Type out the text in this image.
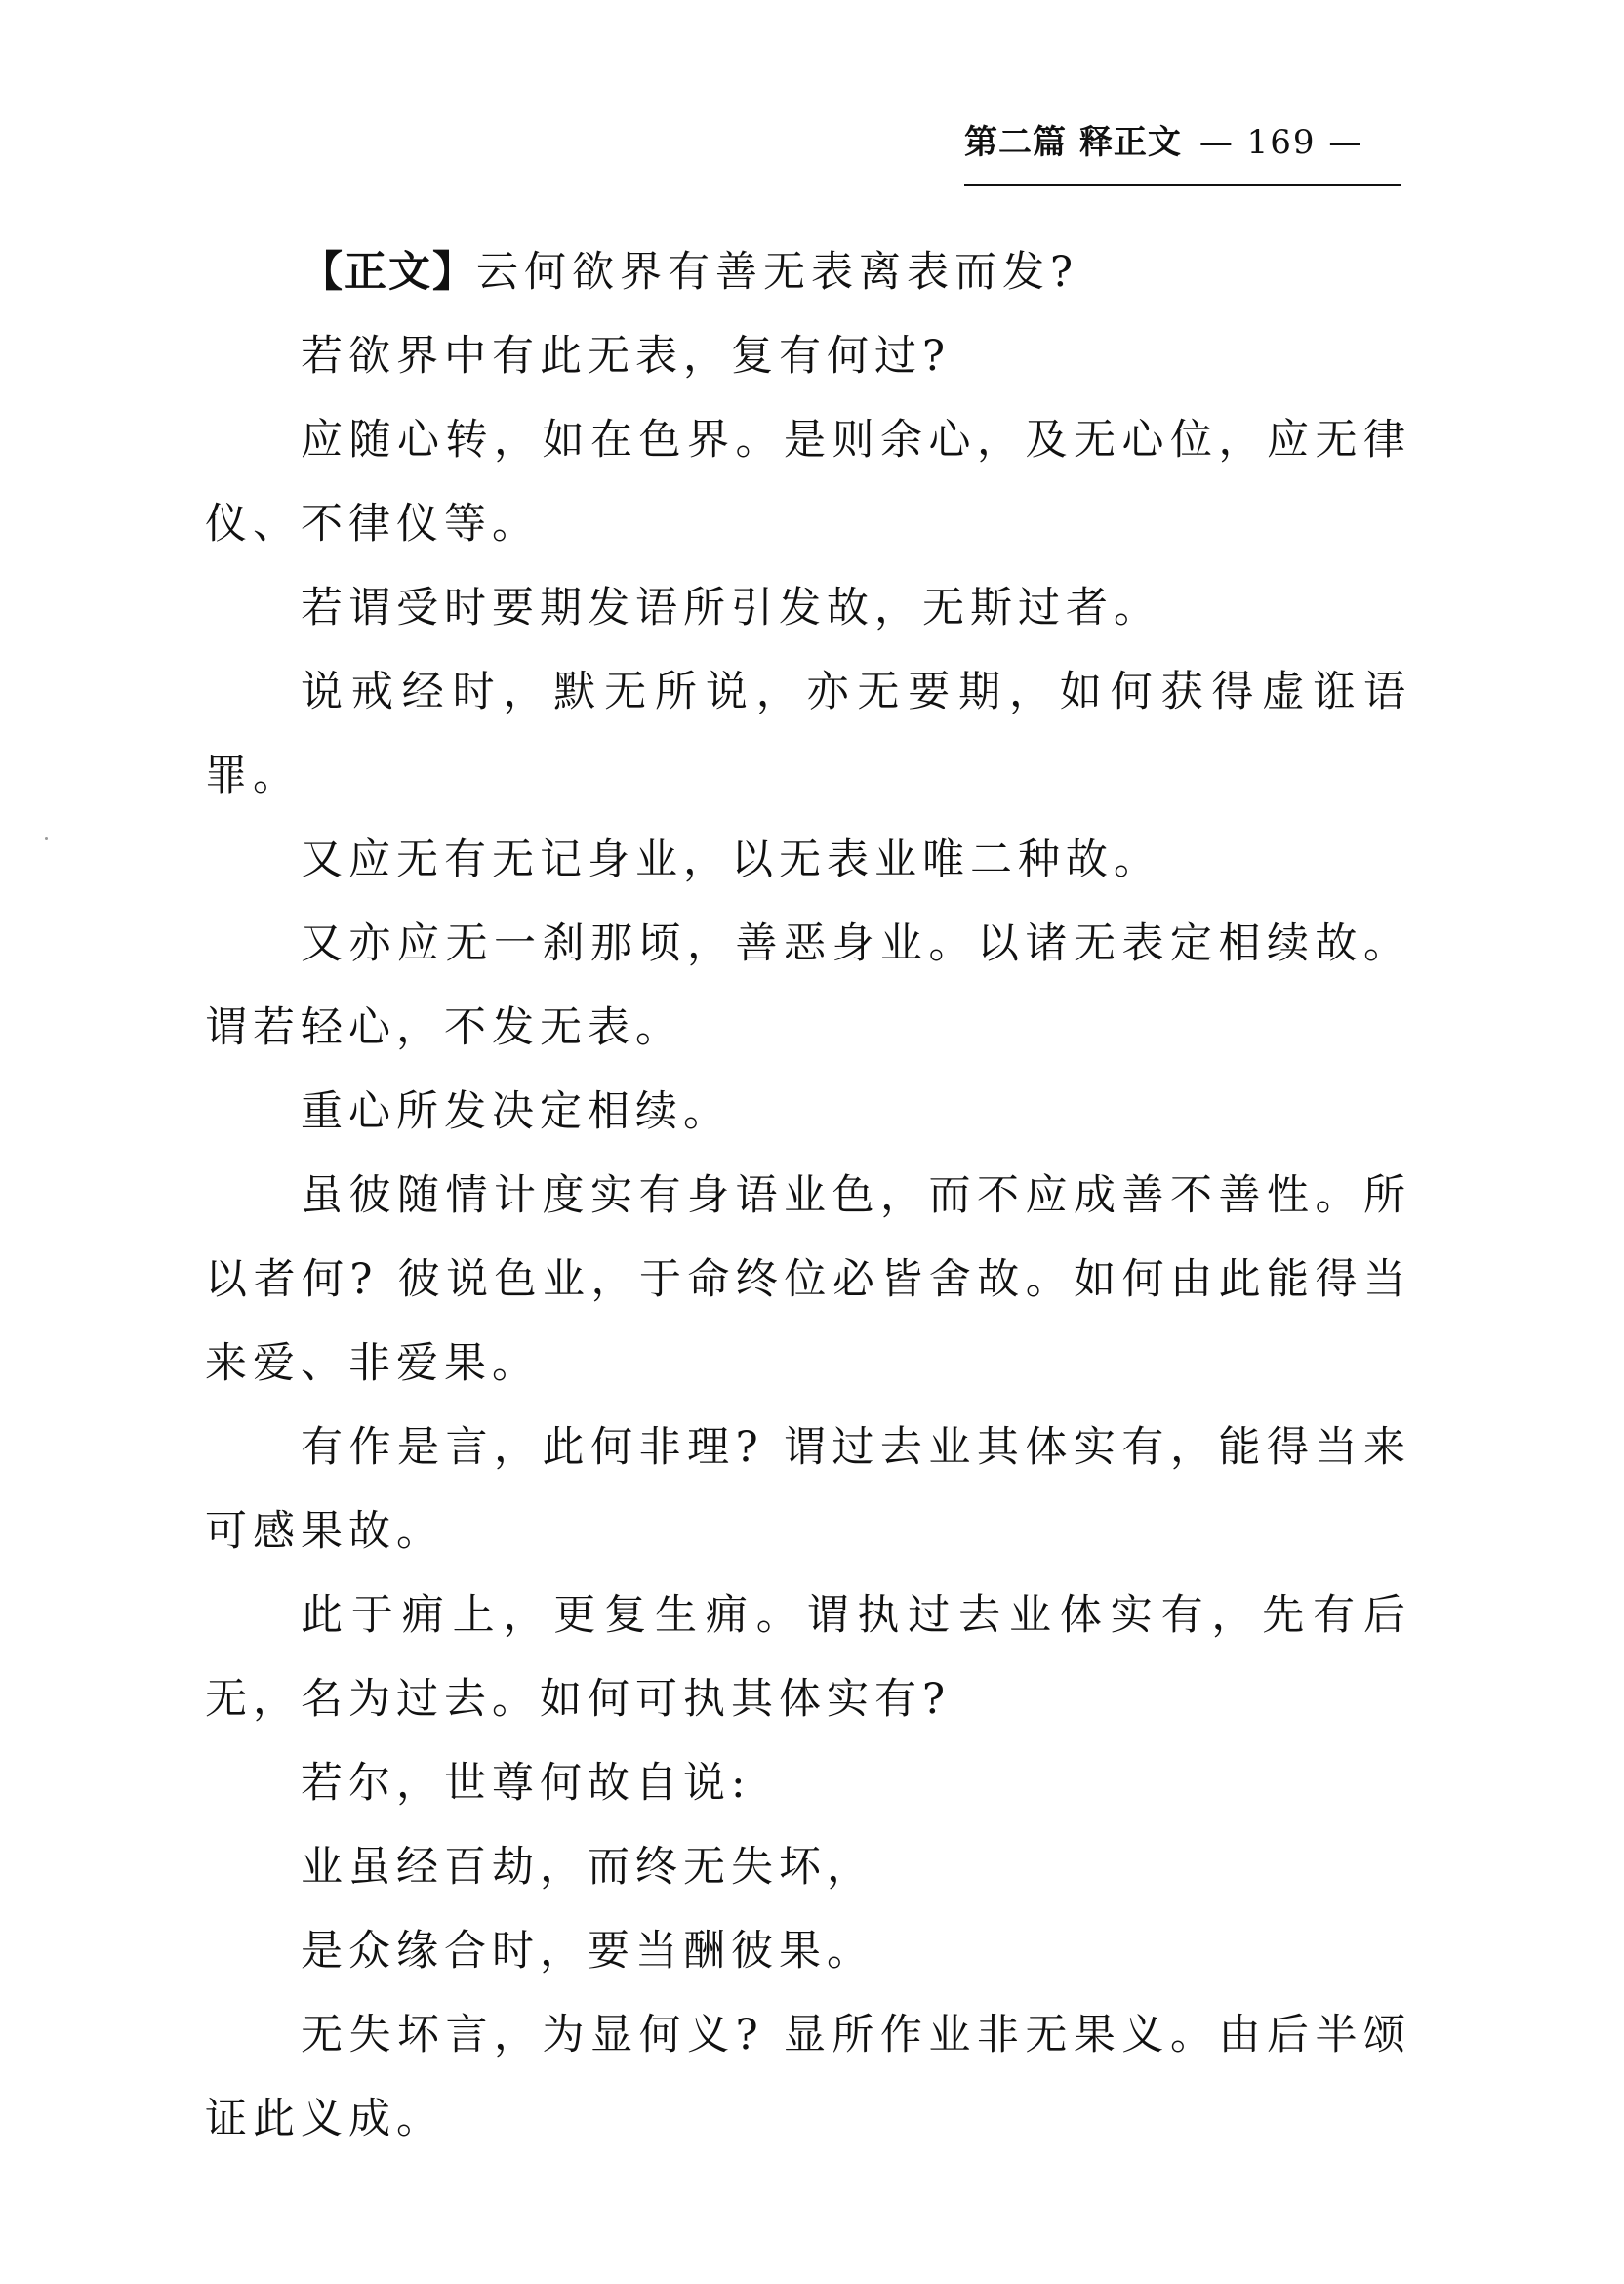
第二篇 释正文 — 169 —

【正文】云何欲界有善无表离表而发?

若欲界中有此无表，复有何过?

应随心转，如在色界。是则余心，及无心位，应无律仪、不律仪等。

若谓受时要期发语所引发故，无斯过者。

说戒经时，默无所说，亦无要期，如何获得虚诳语罪。

又应无有无记身业，以无表业唯二种故。

又亦应无一刹那顷，善恶身业。以诸无表定相续故。谓若轻心，不发无表。

重心所发决定相续。

虽彼随情计度实有身语业色，而不应成善不善性。所以者何? 彼说色业，于命终位必皆舍故。如何由此能得当来爱、非爱果。

有作是言，此何非理? 谓过去业其体实有，能得当来可感果故。

此于痈上，更复生痈。谓执过去业体实有，先有后无，名为过去。如何可执其体实有?

若尔，世尊何故自说:

业虽经百劫，而终无失坏，

是众缘合时，要当酬彼果。

无失坏言，为显何义? 显所作业非无果义。由后半颂证此义成。
